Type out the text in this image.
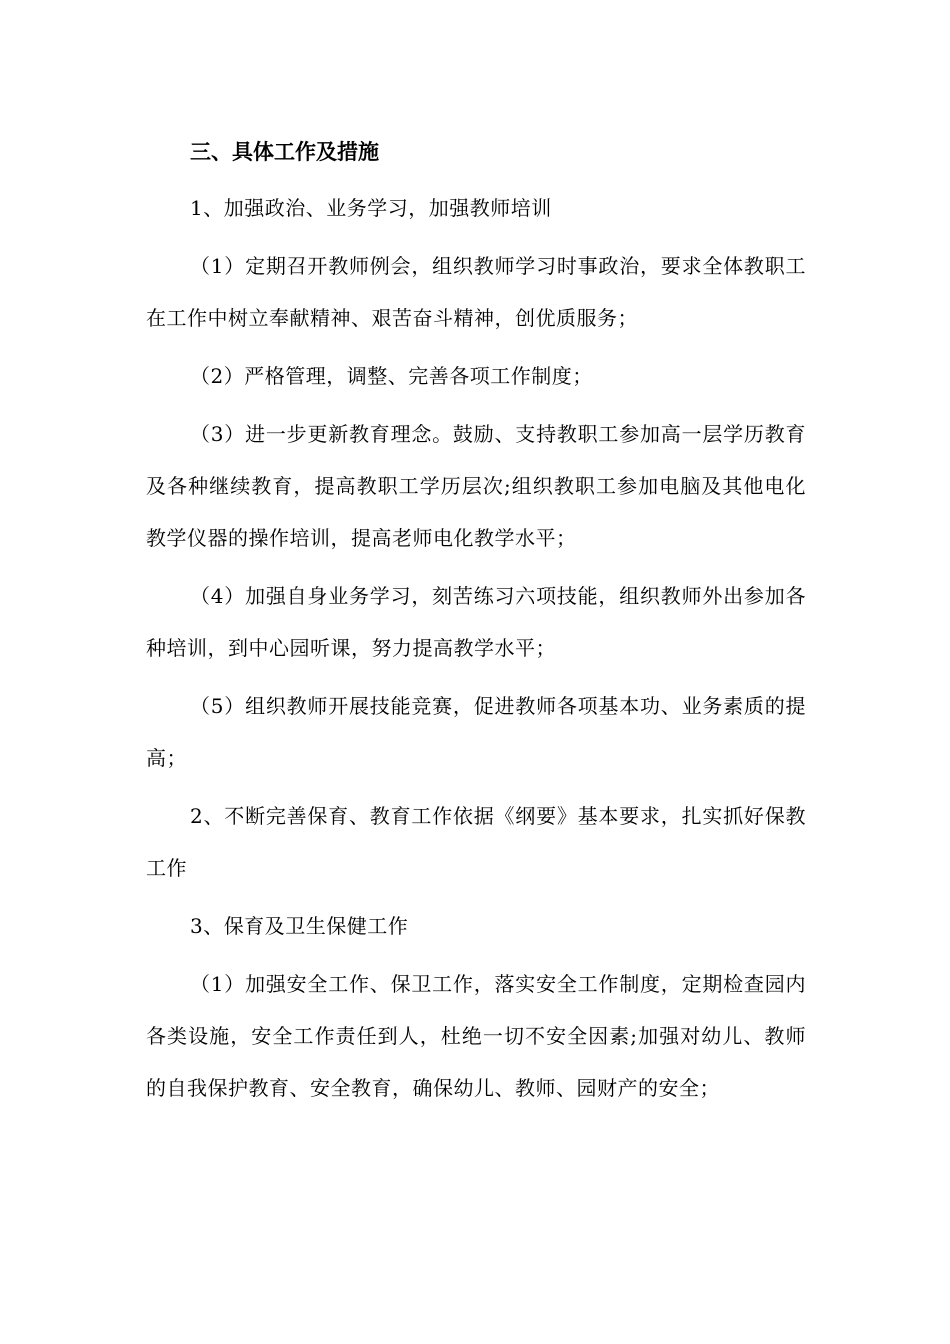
三、具体工作及措施

1、加强政治、业务学习，加强教师培训

（1）定期召开教师例会，组织教师学习时事政治，要求全体教职工在工作中树立奉献精神、艰苦奋斗精神，创优质服务；

（2）严格管理，调整、完善各项工作制度；

（3）进一步更新教育理念。鼓励、支持教职工参加高一层学历教育及各种继续教育，提高教职工学历层次;组织教职工参加电脑及其他电化教学仪器的操作培训，提高老师电化教学水平；

（4）加强自身业务学习，刻苦练习六项技能，组织教师外出参加各种培训，到中心园听课，努力提高教学水平；

（5）组织教师开展技能竞赛，促进教师各项基本功、业务素质的提高；

2、不断完善保育、教育工作依据《纲要》基本要求，扎实抓好保教工作

3、保育及卫生保健工作

（1）加强安全工作、保卫工作，落实安全工作制度，定期检查园内各类设施，安全工作责任到人，杜绝一切不安全因素;加强对幼儿、教师的自我保护教育、安全教育，确保幼儿、教师、园财产的安全；
